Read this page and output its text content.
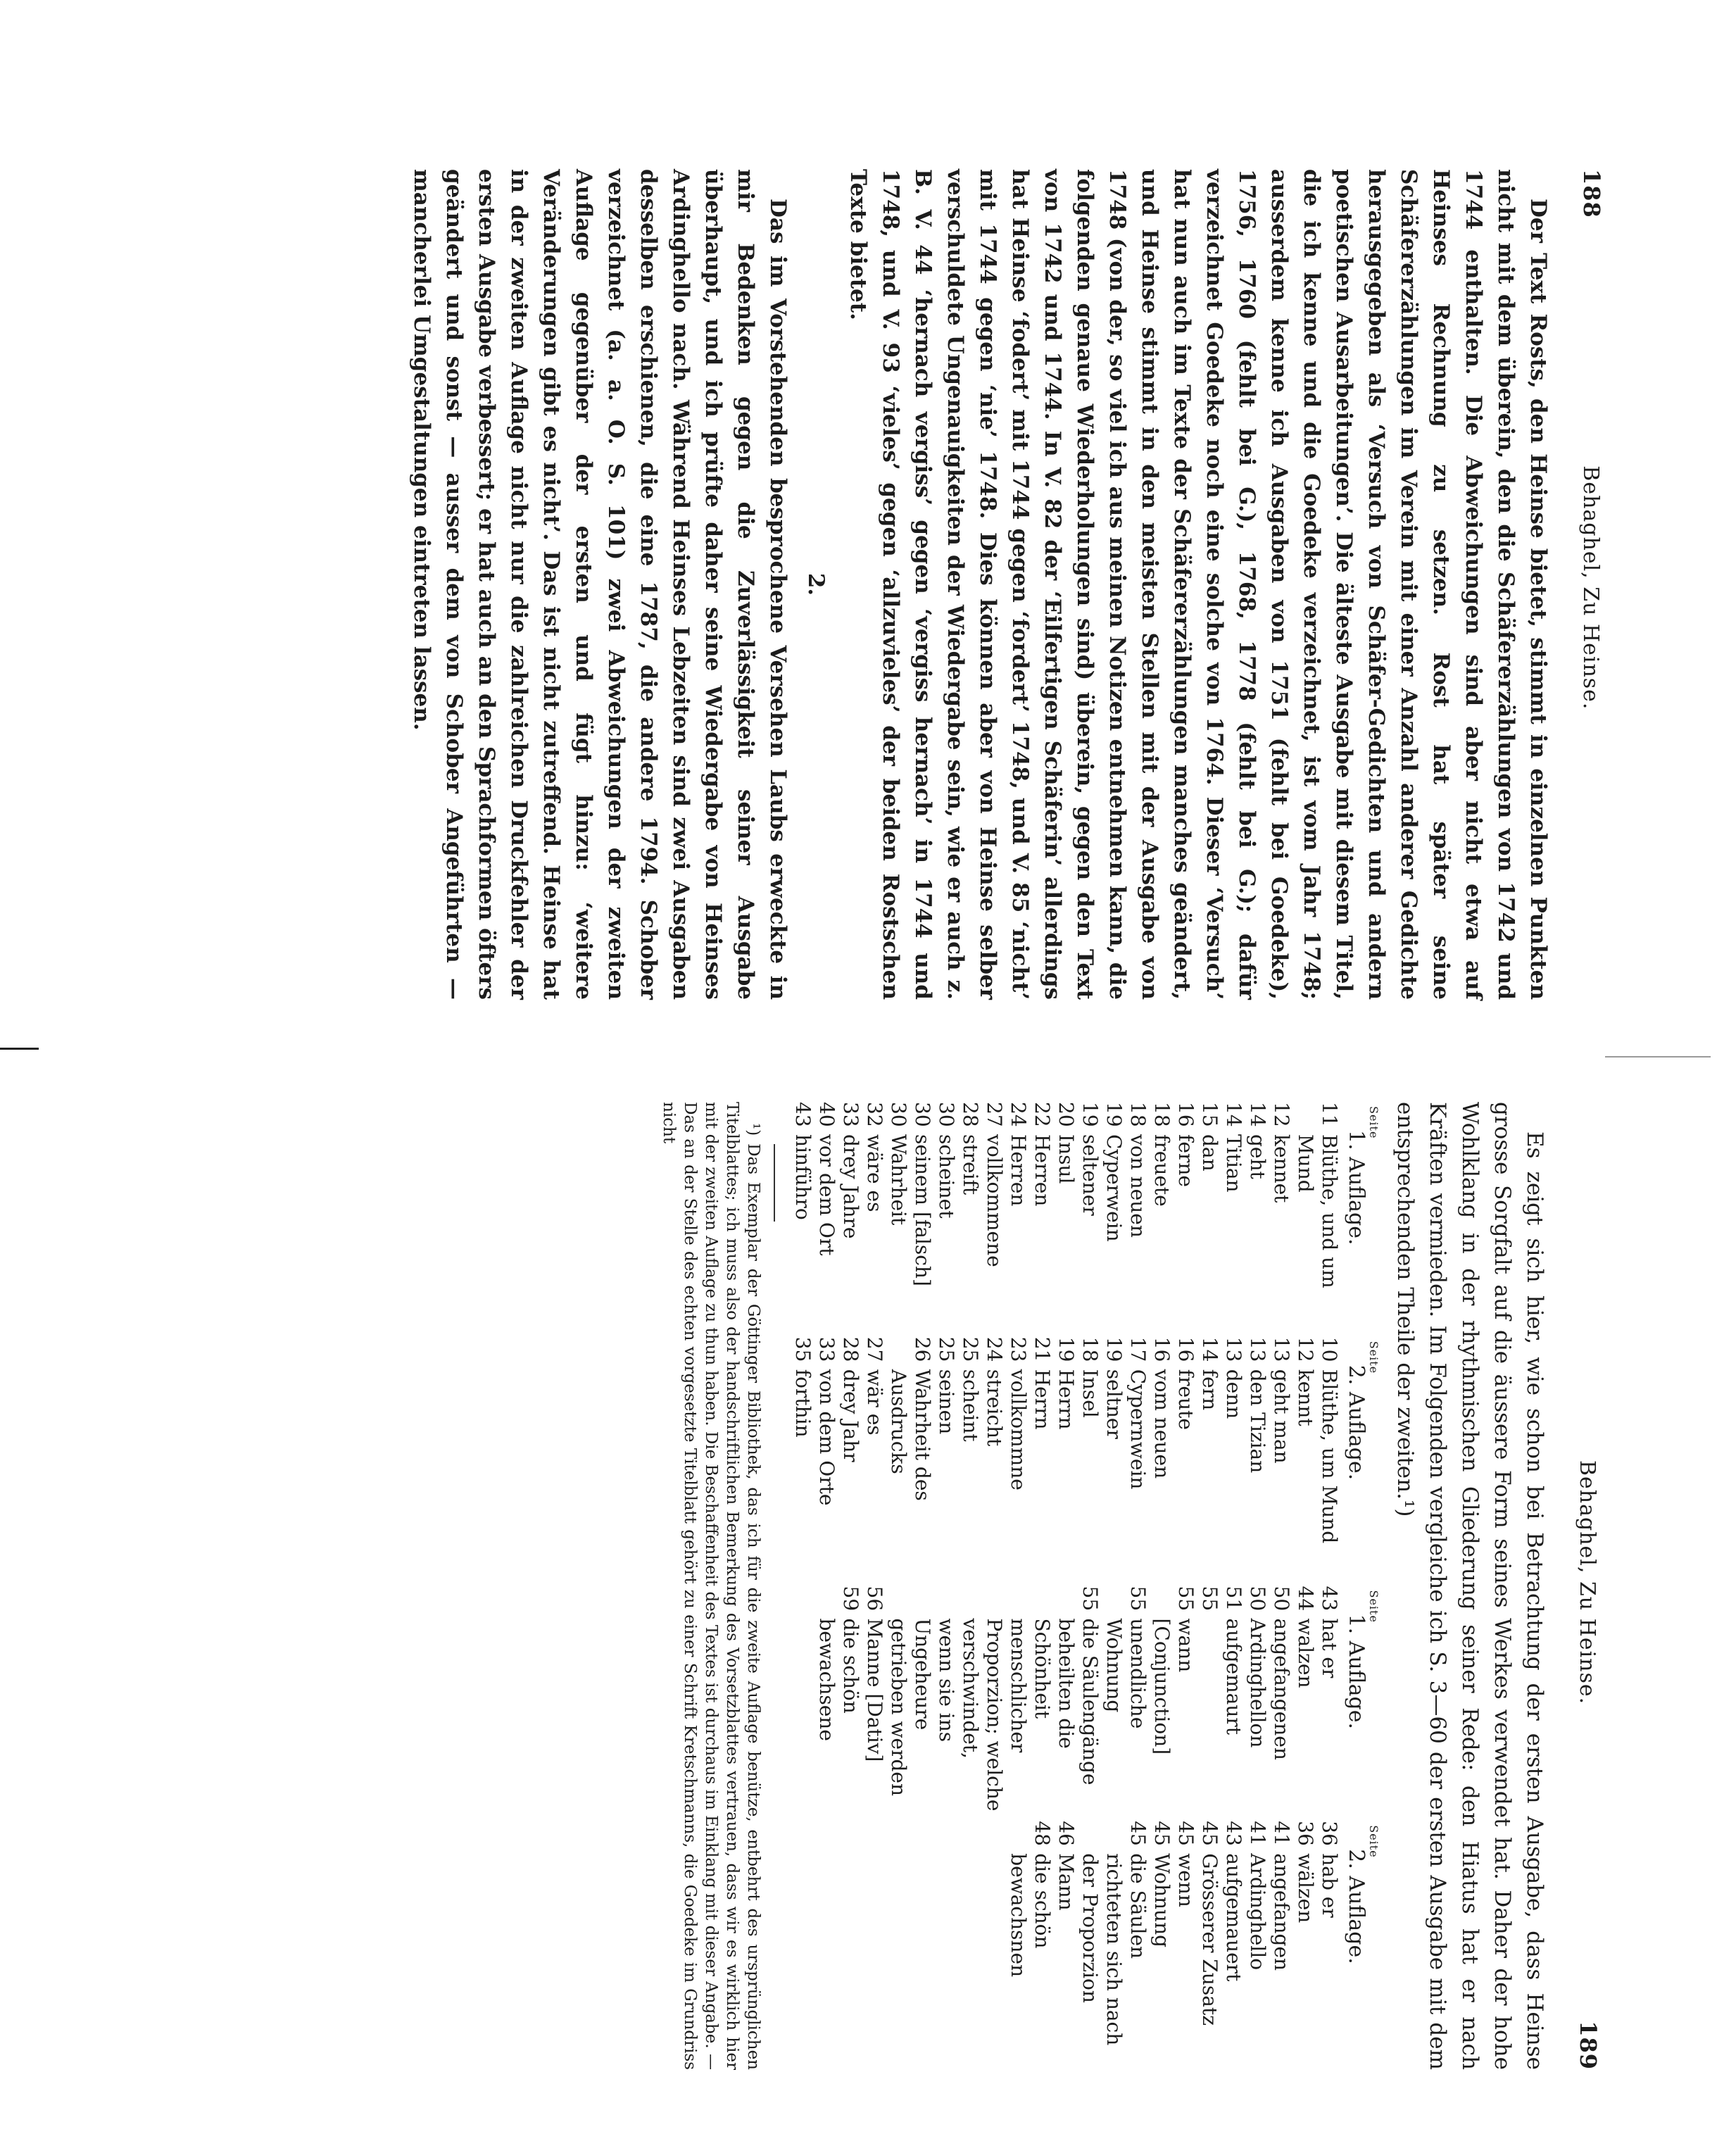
188
Behaghel, Zu Heinse.

Der Text Rosts, den Heinse bietet, stimmt in einzelnen Punkten nicht mit dem überein, den die Schäfererzählungen von 1742 und 1744 enthalten. Die Abweichungen sind aber nicht etwa auf Heinses Rechnung zu setzen. Rost hat später seine Schäfererzählungen im Verein mit einer Anzahl anderer Gedichte herausgegeben als ‘Versuch von Schäfer-Gedichten und andern poetischen Ausarbeitungen’. Die älteste Ausgabe mit diesem Titel, die ich kenne und die Goedeke verzeichnet, ist vom Jahr 1748; ausserdem kenne ich Ausgaben von 1751 (fehlt bei Goedeke), 1756, 1760 (fehlt bei G.), 1768, 1778 (fehlt bei G.); dafür verzeichnet Goedeke noch eine solche von 1764. Dieser ‘Versuch’ hat nun auch im Texte der Schäfererzählungen manches geändert, und Heinse stimmt in den meisten Stellen mit der Ausgabe von 1748 (von der, so viel ich aus meinen Notizen entnehmen kann, die folgenden genaue Wiederholungen sind) überein, gegen den Text von 1742 und 1744. In V. 82 der ‘Eilfertigen Schäferin’ allerdings hat Heinse ‘fodert’ mit 1744 gegen ‘fordert’ 1748, und V. 85 ‘nicht’ mit 1744 gegen ‘nie’ 1748. Dies können aber von Heinse selber verschuldete Ungenauigkeiten der Wiedergabe sein, wie er auch z. B. V. 44 ‘hernach vergiss’ gegen ‘vergiss hernach’ in 1744 und 1748, und V. 93 ‘vieles’ gegen ‘allzuvieles’ der beiden Rostschen Texte bietet.

2.

Das im Vorstehenden besprochene Versehen Laubs erweckte in mir Bedenken gegen die Zuverlässigkeit seiner Ausgabe überhaupt, und ich prüfte daher seine Wiedergabe von Heinses Ardinghello nach. Während Heinses Lebzeiten sind zwei Ausgaben desselben erschienen, die eine 1787, die andere 1794. Schober verzeichnet (a. a. O. S. 101) zwei Abweichungen der zweiten Auflage gegenüber der ersten und fügt hinzu: ‘weitere Veränderungen gibt es nicht’. Das ist nicht zutreffend. Heinse hat in der zweiten Auflage nicht nur die zahlreichen Druckfehler der ersten Ausgabe verbessert; er hat auch an den Sprachformen öfters geändert und sonst — ausser dem von Schober Angeführten — mancherlei Umgestaltungen eintreten lassen.

Behaghel, Zu Heinse.
189

Es zeigt sich hier, wie schon bei Betrachtung der ersten Ausgabe, dass Heinse grosse Sorgfalt auf die äussere Form seines Werkes verwendet hat. Daher der hohe Wohlklang in der rhythmischen Gliederung seiner Rede: den Hiatus hat er nach Kräften vermieden. Im Folgenden vergleiche ich S. 3—60 der ersten Ausgabe mit dem entsprechenden Theile der zweiten.¹)

Seite
1. Auflage.
11
Blüthe, und um Mund
12
kennet
14
geht
14
Titian
15
dan
16
ferne
18
freuete
18
von neuen
19
Cyperwein
19
seltener
20
Insul
22
Herren
24
Herren
27
vollkommene
28
streift
30
scheinet
30
seinem [falsch]
30
Wahrheit
32
wäre es
33
drey Jahre
40
vor dem Ort
43
hinführo
Seite
2. Auflage.
10
Blüthe, um Mund
12
kennt
13
geht man
13
den Tizian
13
denn
14
fern
16
freute
16
vom neuen
17
Cypernwein
19
seltner
18
Insel
19
Herrn
21
Herrn
23
vollkommne
24
streicht
25
scheint
25
seinen
26
Wahrheit des Ausdrucks
27
wär es
28
drey Jahr
33
von dem Orte
35
forthin
Seite
1. Auflage.
43
hat er
44
walzen
50
angefangenen
50
Ardinghellon
51
aufgemaurt
55
55
wann [Conjunction]
55
unendliche Wohnung
55
die Säulengänge beheilten die Schönheit menschlicher Proporzion; welche verschwindet, wenn sie ins Ungeheure getrieben werden
56
Manne [Dativ]
59
die schön bewachsene
Seite
2. Auflage.
36
hab er
36
wälzen
41
angefangen
41
Ardinghello
43
aufgemauert
45
Grösserer Zusatz
45
wenn
45
Wohnung
45
die Säulen richteten sich nach der Proporzion
46
Mann
48
die schön bewachsnen

¹) Das Exemplar der Göttinger Bibliothek, das ich für die zweite Auflage benütze, entbehrt des ursprünglichen Titelblattes; ich muss also der handschriftlichen Bemerkung des Vorsetzblattes vertrauen, dass wir es wirklich hier mit der zweiten Auflage zu thun haben. Die Beschaffenheit des Textes ist durchaus im Einklang mit dieser Angabe. — Das an der Stelle des echten vorgesetzte Titelblatt gehört zu einer Schrift Kretschmanns, die Goedeke im Grundriss nicht
